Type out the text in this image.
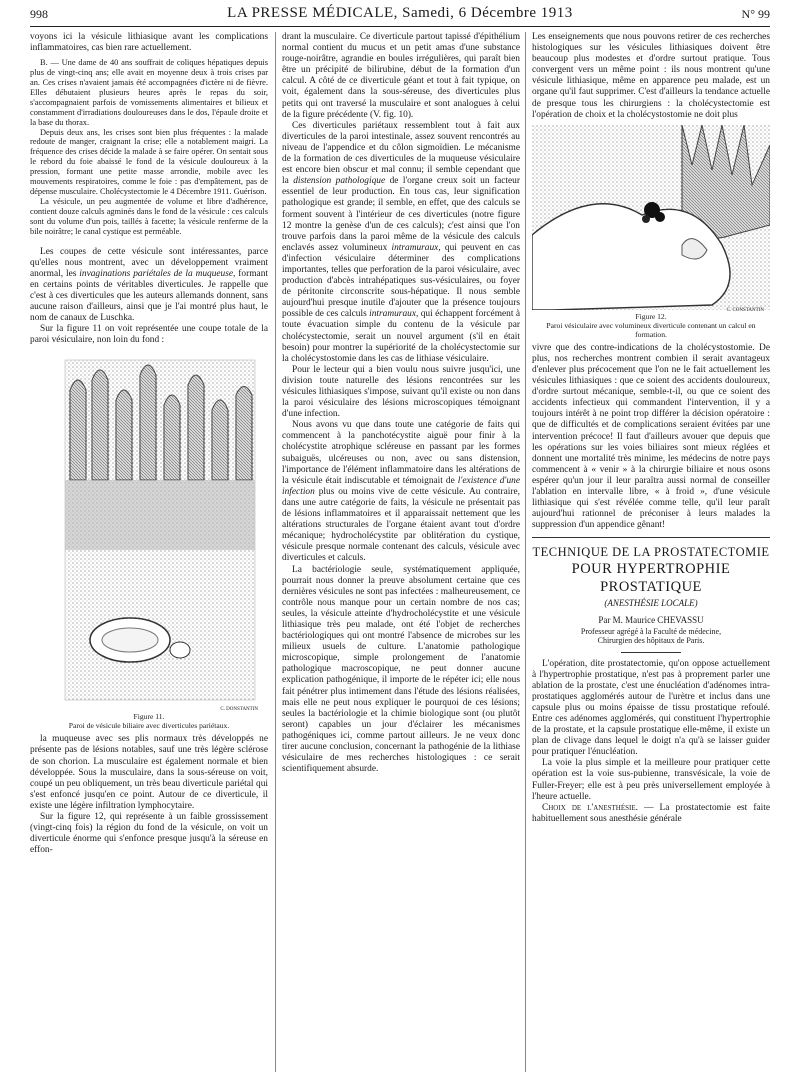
998	LA PRESSE MÉDICALE, Samedi, 6 Décembre 1913	N° 99

voyons ici la vésicule lithiasique avant les complications inflammatoires, cas bien rare actuellement.

B. — Une dame de 40 ans souffrait de coliques hépatiques depuis plus de vingt-cinq ans; elle avait en moyenne deux à trois crises par an. Ces crises n'avaient jamais été accompagnées d'ictère ni de fièvre. Elles débutaient plusieurs heures après le repas du soir, s'accompagnaient parfois de vomissements alimentaires et bilieux et constamment d'irradiations douloureuses dans le dos, l'épaule droite et la base du thorax.

Depuis deux ans, les crises sont bien plus fréquentes : la malade redoute de manger, craignant la crise; elle a notablement maigri. La fréquence des crises décide la malade à se faire opérer. On sentait sous le rebord du foie abaissé le fond de la vésicule douloureux à la pression, formant une petite masse arrondie, mobile avec les mouvements respiratoires, comme le foie : pas d'empâtement, pas de dépense musculaire. Cholécystectomie le 4 Décembre 1911. Guérison.

La vésicule, un peu augmentée de volume et libre d'adhérence, contient douze calculs agminés dans le fond de la vésicule : ces calculs sont du volume d'un pois, taillés à facette; la vésicule renferme de la bile noirâtre; le canal cystique est perméable.

Les coupes de cette vésicule sont intéressantes, parce qu'elles nous montrent, avec un développement vraiment anormal, les invaginations pariétales de la muqueuse, formant en certains points de véritables diverticules. Je rappelle que c'est à ces diverticules que les auteurs allemands donnent, sans aucune raison d'ailleurs, ainsi que je l'ai montré plus haut, le nom de canaux de Luschka.

Sur la figure 11 on voit représentée une coupe totale de la paroi vésiculaire, non loin du fond :

Figure 11.
Paroi de vésicule biliaire avec diverticules pariétaux.
C. DONSTANTIN

la muqueuse avec ses plis normaux très développés ne présente pas de lésions notables, sauf une très légère sclérose de son chorion. La musculaire est également normale et bien développée. Sous la musculaire, dans la sous-séreuse on voit, coupé un peu obliquement, un très beau diverticule pariétal qui s'est enfoncé jusqu'en ce point. Autour de ce diverticule, il existe une légère infiltration lymphocytaire.

Sur la figure 12, qui représente à un faible grossissement (vingt-cinq fois) la région du fond de la vésicule, on voit un diverticule énorme qui s'enfonce presque jusqu'à la séreuse en effon-

drant la musculaire. Ce diverticule partout tapissé d'épithélium normal contient du mucus et un petit amas d'une substance rouge-noirâtre, agrandie en boules irrégulières, qui paraît bien être un précipité de bilirubine, début de la formation d'un calcul. A côté de ce diverticule géant et tout à fait typique, on voit, également dans la sous-séreuse, des diverticules plus petits qui ont traversé la musculaire et sont analogues à celui de la figure précédente (V. fig. 10).

Ces diverticules pariétaux ressemblent tout à fait aux diverticules de la paroi intestinale, assez souvent rencontrés au niveau de l'appendice et du côlon sigmoïdien. Le mécanisme de la formation de ces diverticules de la muqueuse vésiculaire est encore bien obscur et mal connu; il semble cependant que la distension pathologique de l'organe creux soit un facteur essentiel de leur production. En tous cas, leur signification pathologique est grande; il semble, en effet, que des calculs se forment souvent à l'intérieur de ces diverticules (notre figure 12 montre la genèse d'un de ces calculs); c'est ainsi que l'on trouve parfois dans la paroi même de la vésicule des calculs enclavés assez volumineux intramuraux, qui peuvent en cas d'infection vésiculaire déterminer des complications importantes, telles que perforation de la paroi vésiculaire, avec production d'abcès intrahépatiques sus-vésiculaires, ou foyer de péritonite circonscrite sous-hépatique. Il nous semble aujourd'hui presque inutile d'ajouter que la présence toujours possible de ces calculs intramuraux, qui échappent forcément à toute évacuation simple du contenu de la vésicule par cholécystectomie, serait un nouvel argument (s'il en était besoin) pour montrer la supériorité de la cholécystectomie sur la cholécystostomie dans les cas de lithiase vésiculaire.

Pour le lecteur qui a bien voulu nous suivre jusqu'ici, une division toute naturelle des lésions rencontrées sur les vésicules lithiasiques s'impose, suivant qu'il existe ou non dans la paroi vésiculaire des lésions microscopiques témoignant d'une infection.

Nous avons vu que dans toute une catégorie de faits qui commencent à la panchotécystite aiguë pour finir à la cholécystite atrophique scléreuse en passant par les formes subaiguës, ulcéreuses ou non, avec ou sans distension, l'importance de l'élément inflammatoire dans les altérations de la vésicule était indiscutable et témoignait de l'existence d'une infection plus ou moins vive de cette vésicule. Au contraire, dans une autre catégorie de faits, la vésicule ne présentait pas de lésions inflammatoires et il apparaissait nettement que les altérations structurales de l'organe étaient avant tout d'ordre mécanique; hydrocholécystite par oblitération du cystique, vésicule presque normale contenant des calculs, vésicule avec diverticules et calculs.

La bactériologie seule, systématiquement appliquée, pourrait nous donner la preuve absolument certaine que ces dernières vésicules ne sont pas infectées : malheureusement, ce contrôle nous manque pour un certain nombre de nos cas; seules, la vésicule atteinte d'hydrocholécystite et une vésicule lithiasique très peu malade, ont été l'objet de recherches bactériologiques qui ont montré l'absence de microbes sur les milieux usuels de culture. L'anatomie pathologique microscopique, simple prolongement de l'anatomie pathologique macroscopique, ne peut donner aucune explication pathogénique, il importe de le répéter ici; elle nous fait pénétrer plus intimement dans l'étude des lésions réalisées, mais elle ne peut nous expliquer le pourquoi de ces lésions; seules la bactériologie et la chimie biologique sont (ou plutôt seront) capables un jour d'éclairer les mécanismes pathogéniques ici, comme partout ailleurs. Je ne veux donc tirer aucune conclusion, concernant la pathogénie de la lithiase vésiculaire de mes recherches histologiques : ce serait scientifiquement absurde.

Les enseignements que nous pouvons retirer de ces recherches histologiques sur les vésicules lithiasiques doivent être beaucoup plus modestes et d'ordre surtout pratique. Tous convergent vers un même point : ils nous montrent qu'une vésicule lithiasique, même en apparence peu malade, est un organe qu'il faut supprimer. C'est d'ailleurs la tendance actuelle de presque tous les chirurgiens : la cholécystectomie est l'opération de choix et la cholécystostomie ne doit plus

Figure 12.
Paroi vésiculaire avec volumineux diverticule contenant un calcul en formation.
C. CONSTANTIN

vivre que des contre-indications de la cholécystostomie. De plus, nos recherches montrent combien il serait avantageux d'enlever plus précocement que l'on ne le fait actuellement les vésicules lithiasiques : que ce soient des accidents douloureux, d'ordre surtout mécanique, semble-t-il, ou que ce soient des accidents infectieux qui commandent l'intervention, il y a toujours intérêt à ne point trop différer la décision opératoire : que de difficultés et de complications seraient évitées par une intervention précoce! Il faut d'ailleurs avouer que depuis que les opérations sur les voies biliaires sont mieux réglées et donnent une mortalité très minime, les médecins de notre pays commencent à « venir » à la chirurgie biliaire et nous osons espérer qu'un jour il leur paraîtra aussi normal de conseiller l'ablation en intervalle libre, « à froid », d'une vésicule lithiasique qui s'est révélée comme telle, qu'il leur paraît aujourd'hui rationnel de préconiser à leurs malades la suppression d'un appendice gênant!

TECHNIQUE DE LA PROSTATECTOMIE
POUR HYPERTROPHIE PROSTATIQUE
(ANESTHÉSIE LOCALE)
Par M. Maurice CHEVASSU
Professeur agrégé à la Faculté de médecine,
Chirurgien des hôpitaux de Paris.

L'opération, dite prostatectomie, qu'on oppose actuellement à l'hypertrophie prostatique, n'est pas à proprement parler une ablation de la prostate, c'est une énucléation d'adénomes intra-prostatiques agglomérés autour de l'urètre et inclus dans une capsule plus ou moins épaisse de tissu prostatique refoulé. Entre ces adénomes agglomérés, qui constituent l'hypertrophie de la prostate, et la capsule prostatique elle-même, il existe un plan de clivage dans lequel le doigt n'a qu'à se laisser guider pour pratiquer l'énucléation.

La voie la plus simple et la meilleure pour pratiquer cette opération est la voie sus-pubienne, transvésicale, la voie de Fuller-Freyer; elle est à peu près universellement employée à l'heure actuelle.

Choix de l'anesthésie. — La prostatectomie est faite habituellement sous anesthésie générale
